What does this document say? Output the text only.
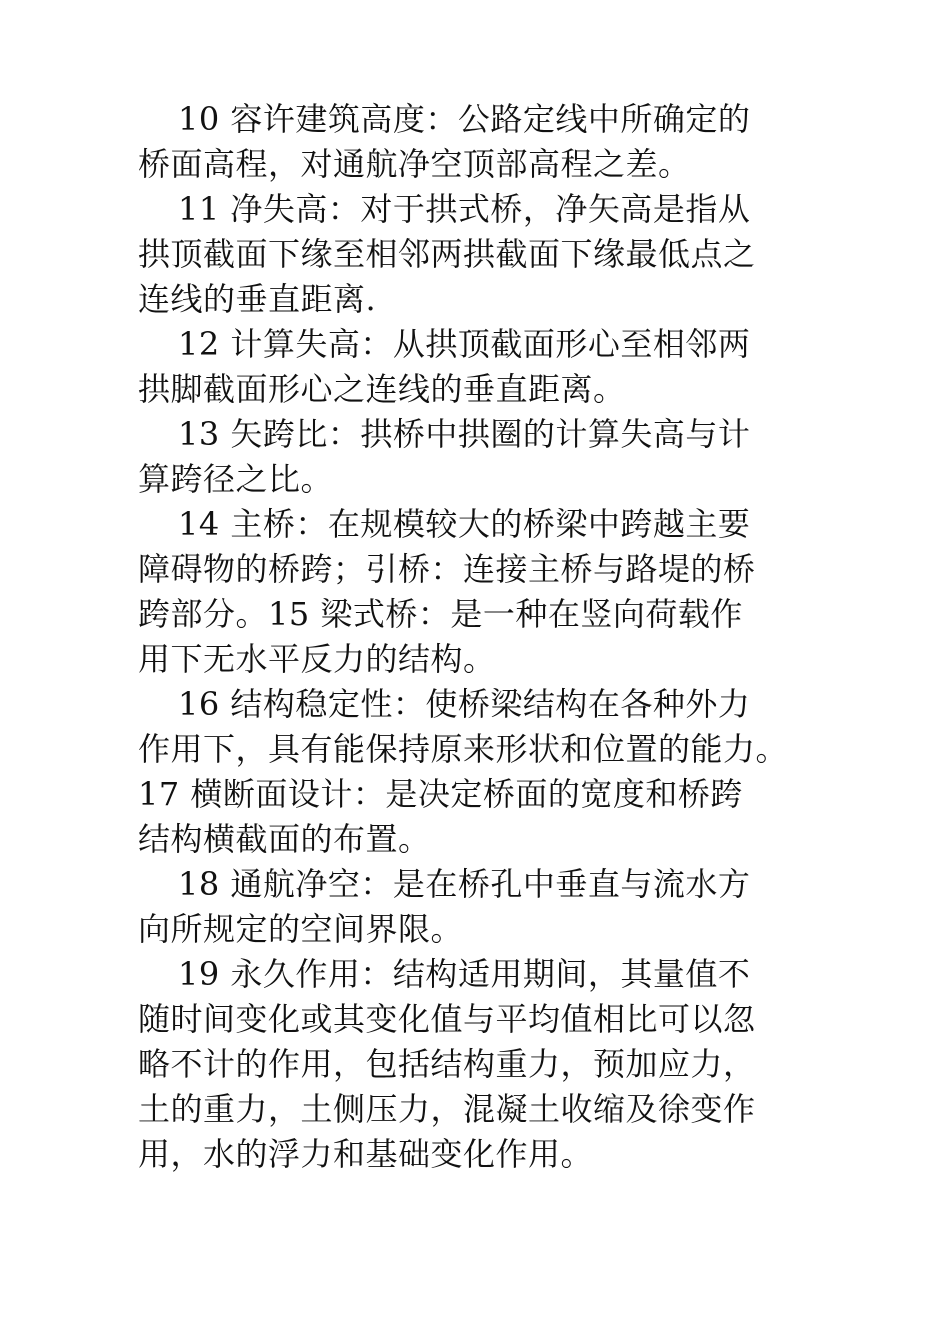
10 容许建筑高度：公路定线中所确定的
桥面高程，对通航净空顶部高程之差。
11 净失高：对于拱式桥，净矢高是指从
拱顶截面下缘至相邻两拱截面下缘最低点之
连线的垂直距离.
12 计算失高：从拱顶截面形心至相邻两
拱脚截面形心之连线的垂直距离。
13 矢跨比：拱桥中拱圈的计算失高与计
算跨径之比。
14 主桥：在规模较大的桥梁中跨越主要
障碍物的桥跨；引桥：连接主桥与路堤的桥
跨部分。15 梁式桥：是一种在竖向荷载作
用下无水平反力的结构。
16 结构稳定性：使桥梁结构在各种外力
作用下，具有能保持原来形状和位置的能力。
17 横断面设计：是决定桥面的宽度和桥跨
结构横截面的布置。
18 通航净空：是在桥孔中垂直与流水方
向所规定的空间界限。
19 永久作用：结构适用期间，其量值不
随时间变化或其变化值与平均值相比可以忽
略不计的作用，包括结构重力，预加应力，
土的重力，土侧压力，混凝土收缩及徐变作
用，水的浮力和基础变化作用。
